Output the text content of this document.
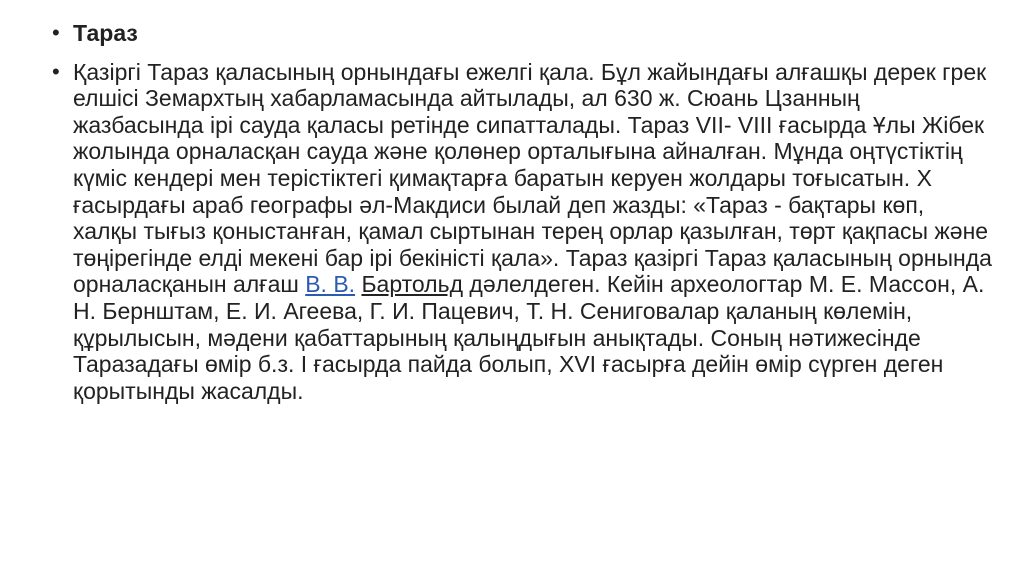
• Тараз
• Қазіргі Тараз қаласының орнындағы ежелгі қала. Бұл жайындағы алғашқы дерек грек елшісі Земархтың хабарламасында айтылады, ал 630 ж. Сюань Цзанның жазбасында ірі сауда қаласы ретінде сипатталады. Тараз VII- VIII ғасырда Ұлы Жібек жолында орналасқан сауда және қолөнер орталығына айналған. Мұнда оңтүстіктің күміс кендері мен терістіктегі қимақтарға баратын керуен жолдары тоғысатын. X ғасырдағы араб географы әл-Макдиси былай деп жазды: «Тараз - бақтары көп, халқы тығыз қоныстанған, қамал сыртынан терең орлар қазылған, төрт қақпасы және төңірегінде елді мекені бар ірі бекіністі қала». Тараз қазіргі Тараз қаласының орнында орналасқанын алғаш В. В. Бартольд дәлелдеген. Кейін археологтар М. Е. Массон, А. Н. Бернштам, Е. И. Агеева, Г. И. Пацевич, Т. Н. Сениговалар қаланың көлемін, құрылысын, мәдени қабаттарының қалыңдығын анықтады. Соның нәтижесінде Таразадағы өмір б.з. I ғасырда пайда болып, XVI ғасырға дейін өмір сүрген деген қорытынды жасалды.
